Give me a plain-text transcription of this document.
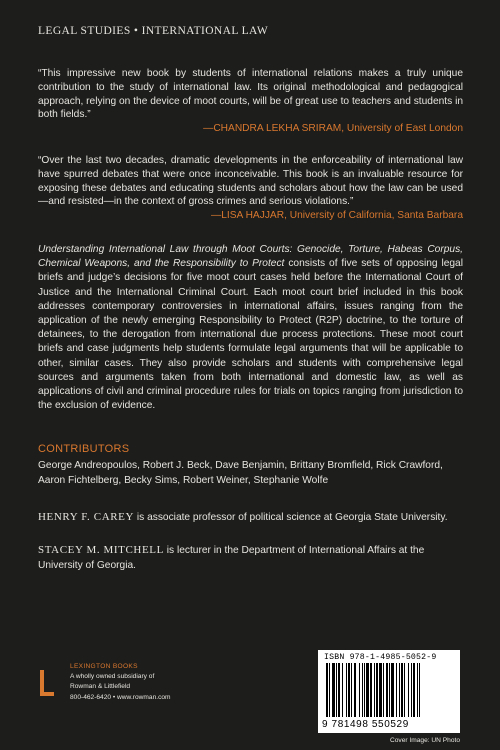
LEGAL STUDIES • INTERNATIONAL LAW
“This impressive new book by students of international relations makes a truly unique contribution to the study of international law. Its original methodological and pedagogical approach, relying on the device of moot courts, will be of great use to teachers and students in both fields.”
—CHANDRA LEKHA SRIRAM, University of East London
“Over the last two decades, dramatic developments in the enforceability of international law have spurred debates that were once inconceivable. This book is an invaluable resource for exposing these debates and educating students and scholars about how the law can be used—and resisted—in the context of gross crimes and serious violations.”
—LISA HAJJAR, University of California, Santa Barbara
Understanding International Law through Moot Courts: Genocide, Torture, Habeas Corpus, Chemical Weapons, and the Responsibility to Protect consists of five sets of opposing legal briefs and judge’s decisions for five moot court cases held before the International Court of Justice and the International Criminal Court. Each moot court brief included in this book addresses contemporary controversies in international affairs, issues ranging from the application of the newly emerging Responsibility to Protect (R2P) doctrine, to the torture of detainees, to the derogation from international due process protections. These moot court briefs and case judgments help students formulate legal arguments that will be applicable to other, similar cases. They also provide scholars and students with comprehensive legal sources and arguments taken from both international and domestic law, as well as applications of civil and criminal procedure rules for trials on topics ranging from jurisdiction to the exclusion of evidence.
CONTRIBUTORS
George Andreopoulos, Robert J. Beck, Dave Benjamin, Brittany Bromfield, Rick Crawford, Aaron Fichtelberg, Becky Sims, Robert Weiner, Stephanie Wolfe
HENRY F. CAREY is associate professor of political science at Georgia State University.
STACEY M. MITCHELL is lecturer in the Department of International Affairs at the University of Georgia.
LEXINGTON BOOKS
A wholly owned subsidiary of
Rowman & Littlefield
800-462-6420 • www.rowman.com
ISBN 978-1-4985-5052-9
9 781498 550529
Cover Image: UN Photo
